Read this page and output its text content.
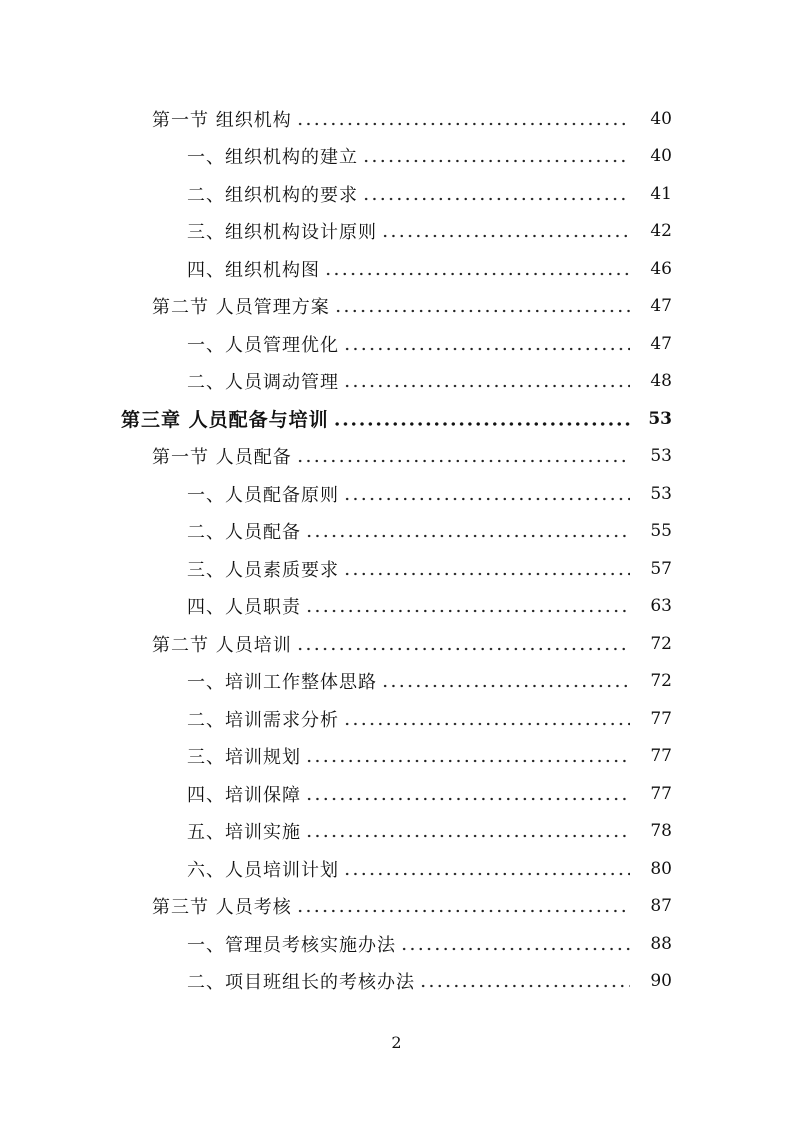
第一节 组织机构	40
一、组织机构的建立	40
二、组织机构的要求	41
三、组织机构设计原则	42
四、组织机构图	46
第二节 人员管理方案	47
一、人员管理优化	47
二、人员调动管理	48
第三章 人员配备与培训	53
第一节 人员配备	53
一、人员配备原则	53
二、人员配备	55
三、人员素质要求	57
四、人员职责	63
第二节 人员培训	72
一、培训工作整体思路	72
二、培训需求分析	77
三、培训规划	77
四、培训保障	77
五、培训实施	78
六、人员培训计划	80
第三节 人员考核	87
一、管理员考核实施办法	88
二、项目班组长的考核办法	90
2
